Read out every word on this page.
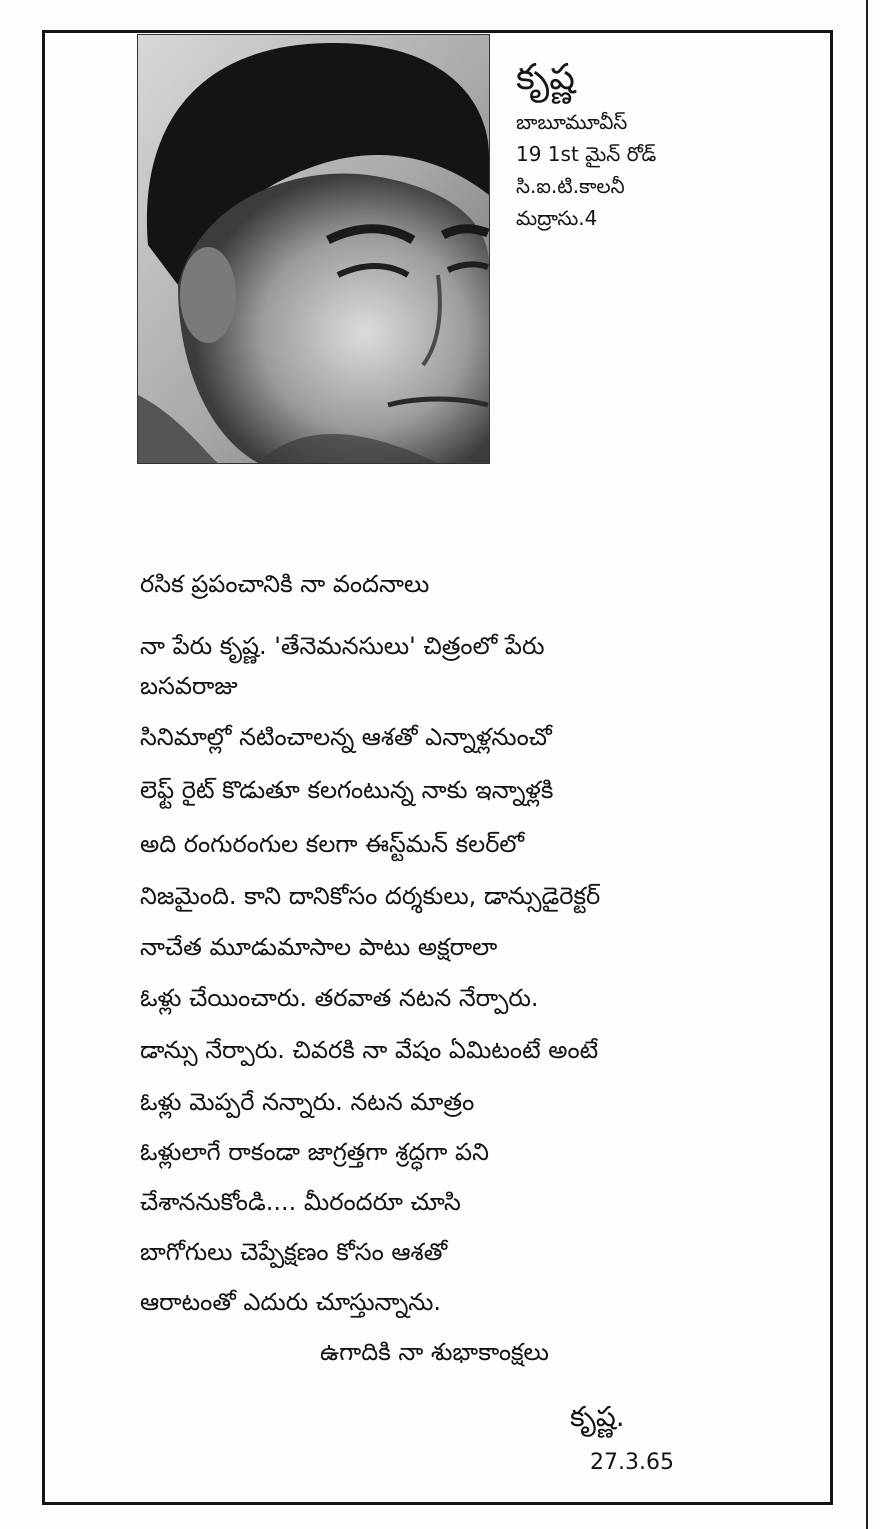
కృష్ణ
బాబూమూవీస్
19 1st మైన్ రోడ్
సి.ఐ.టి.కాలనీ
మద్రాసు.4
రసిక ప్రపంచానికి నా వందనాలు
నా పేరు కృష్ణ. 'తేనెమనసులు' చిత్రంలో పేరు
బసవరాజు
సినిమాల్లో నటించాలన్న ఆశతో ఎన్నాళ్లనుంచో
లెఫ్ట్ రైట్ కొడుతూ కలగంటున్న నాకు ఇన్నాళ్లకి
అది రంగురంగుల కలగా ఈస్ట్‌మన్ కలర్‌లో
నిజమైంది. కాని దానికోసం దర్శకులు, డాన్సుడైరెక్టర్
నాచేత మూడుమాసాల పాటు అక్షరాలా
ఓళ్లు చేయించారు. తరవాత నటన నేర్పారు.
డాన్సు నేర్పారు. చివరకి నా వేషం ఏమిటంటే అంటే
ఓళ్లు మెప్పరే నన్నారు. నటన మాత్రం
ఓళ్లులాగే రాకండా జాగ్రత్తగా శ్రద్ధగా పని
చేశాననుకోండి.... మీరందరూ చూసి
బాగోగులు చెప్పేక్షణం కోసం ఆశతో
ఆరాటంతో ఎదురు చూస్తున్నాను.
ఉగాదికి నా శుభాకాంక్షలు
కృష్ణ.
27.3.65
